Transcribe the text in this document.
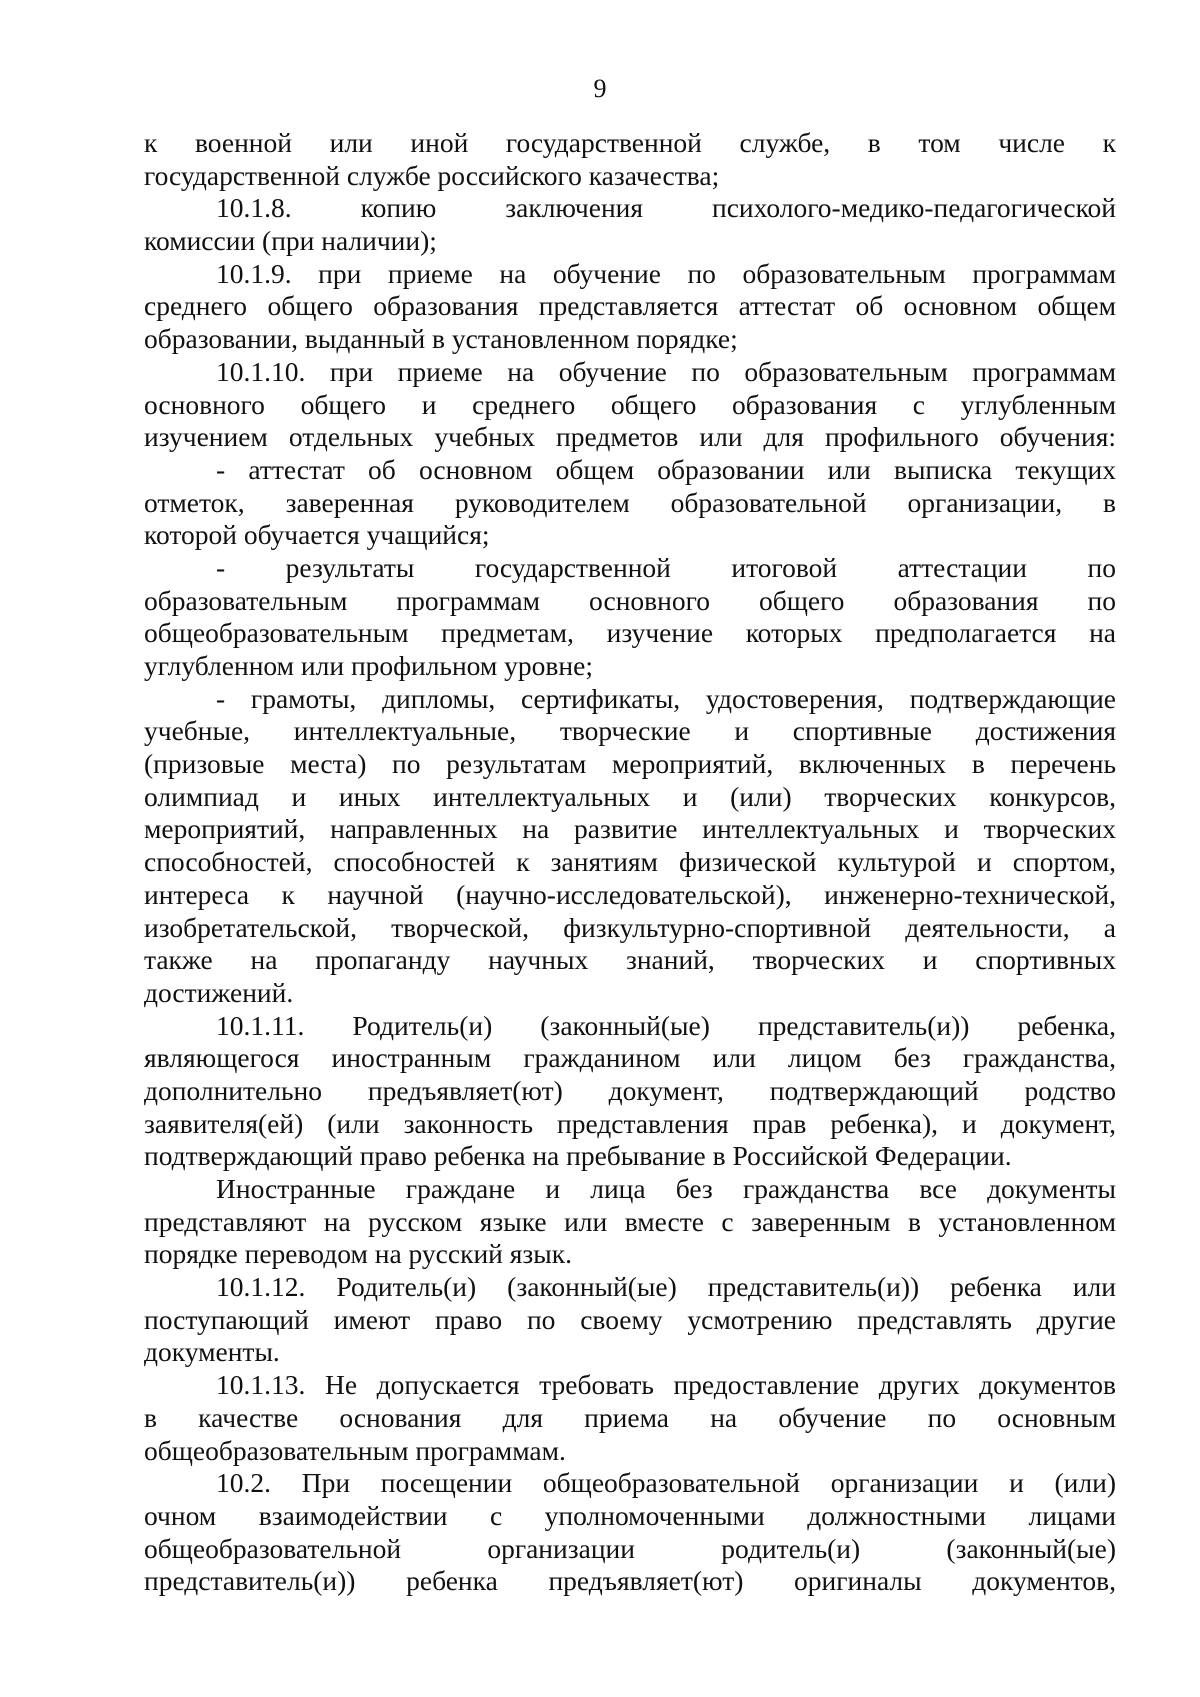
9
к военной или иной государственной службе, в том числе к
государственной службе российского казачества;
10.1.8. копию заключения психолого-медико-педагогической
комиссии (при наличии);
10.1.9. при приеме на обучение по образовательным программам
среднего общего образования представляется аттестат об основном общем
образовании, выданный в установленном порядке;
10.1.10. при приеме на обучение по образовательным программам
основного общего и среднего общего образования с углубленным
изучением отдельных учебных предметов или для профильного обучения:
- аттестат об основном общем образовании или выписка текущих
отметок, заверенная руководителем образовательной организации, в
которой обучается учащийся;
- результаты государственной итоговой аттестации по
образовательным программам основного общего образования по
общеобразовательным предметам, изучение которых предполагается на
углубленном или профильном уровне;
- грамоты, дипломы, сертификаты, удостоверения, подтверждающие
учебные, интеллектуальные, творческие и спортивные достижения
(призовые места) по результатам мероприятий, включенных в перечень
олимпиад и иных интеллектуальных и (или) творческих конкурсов,
мероприятий, направленных на развитие интеллектуальных и творческих
способностей, способностей к занятиям физической культурой и спортом,
интереса к научной (научно-исследовательской), инженерно-технической,
изобретательской, творческой, физкультурно-спортивной деятельности, а
также на пропаганду научных знаний, творческих и спортивных
достижений.
10.1.11. Родитель(и) (законный(ые) представитель(и)) ребенка,
являющегося иностранным гражданином или лицом без гражданства,
дополнительно предъявляет(ют) документ, подтверждающий родство
заявителя(ей) (или законность представления прав ребенка), и документ,
подтверждающий право ребенка на пребывание в Российской Федерации.
Иностранные граждане и лица без гражданства все документы
представляют на русском языке или вместе с заверенным в установленном
порядке переводом на русский язык.
10.1.12. Родитель(и) (законный(ые) представитель(и)) ребенка или
поступающий имеют право по своему усмотрению представлять другие
документы.
10.1.13. Не допускается требовать предоставление других документов
в качестве основания для приема на обучение по основным
общеобразовательным программам.
10.2. При посещении общеобразовательной организации и (или)
очном взаимодействии с уполномоченными должностными лицами
общеобразовательной организации родитель(и) (законный(ые)
представитель(и)) ребенка предъявляет(ют) оригиналы документов,
